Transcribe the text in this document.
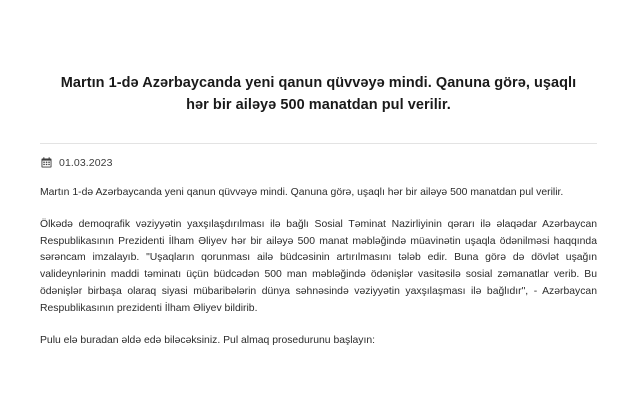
Martın 1-də Azərbaycanda yeni qanun qüvvəyə mindi. Qanuna görə, uşaqlı hər bir ailəyə 500 manatdan pul verilir.
01.03.2023

Martın 1-də Azərbaycanda yeni qanun qüvvəyə mindi. Qanuna görə, uşaqlı hər bir ailəyə 500 manatdan pul verilir.

Ölkədə demoqrafik vəziyyətin yaxşılaşdırılması ilə bağlı Sosial Təminat Nazirliyinin qərarı ilə əlaqədar Azərbaycan Respublikasının Prezidenti İlham Əliyev hər bir ailəyə 500 manat məbləğində müavinətin uşaqla ödənilməsi haqqında sərəncam imzalayıb. "Uşaqların qorunması ailə büdcəsinin artırılmasını tələb edir. Buna görə də dövlət uşağın valideynlərinin maddi təminatı üçün büdcədən 500 man məbləğində ödənişlər vasitəsilə sosial zəmanatlar verib. Bu ödənişlər birbaşa olaraq siyasi mübaribələrin dünya səhnəsində vəziyyətin yaxşılaşması ilə bağlıdır", - Azərbaycan Respublikasının prezidenti İlham Əliyev bildirib.

Pulu elə buradan əldə edə biləcəksiniz. Pul almaq prosedurunu başlayın:
